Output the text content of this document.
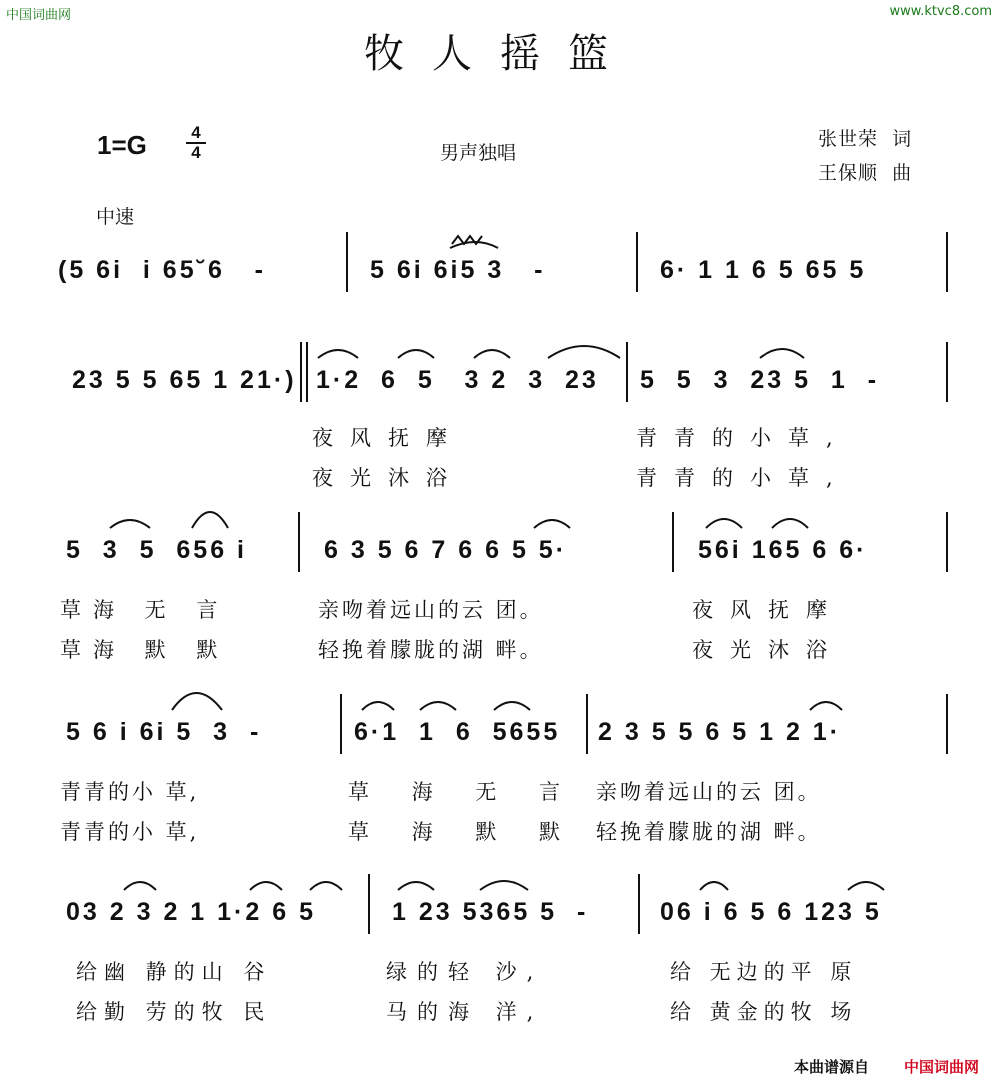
中国词曲网	www.ktvc8.com
牧人摇篮
$1=G \frac{4}{4}$	男声独唱
张世荣  词
王保顺  曲
中速
(5 6i  i 65˘6   -	5 6i 6i5 3   -	6· 1 1 6 5 65 5
23 5 5 65 1 21·) 1·2  6  5   3 2  3  23 5  5  3  23 5  1  -
夜风抚摩	青青的小草,
夜光沐浴	青青的小草,
5  3  5  656 i	6 3 5 6 7 6 6 5 5·	56i 165 6 6·
草海 无 言	亲吻着远山的云 团。	夜风抚摩
草海 默 默	轻挽着朦胧的湖 畔。	夜光沐浴
5 6 i 6i 5  3  -	6·1  1  6  5655 2 3 5 5 6 5 1 2 1·
青青的小 草,	草 海 无 言 亲吻着远山的云 团。
青青的小 草,	草 海 默 默 轻挽着朦胧的湖 畔。
03 2 3 2 1 1·2 6 5	1 23 5365 5  -	06 i 6 5 6 123 5
给幽 静的山 谷	绿的轻 沙,	给 无边的平 原
给勤 劳的牧 民	马的海 洋,	给 黄金的牧 场
本曲谱源自 中国词曲网
